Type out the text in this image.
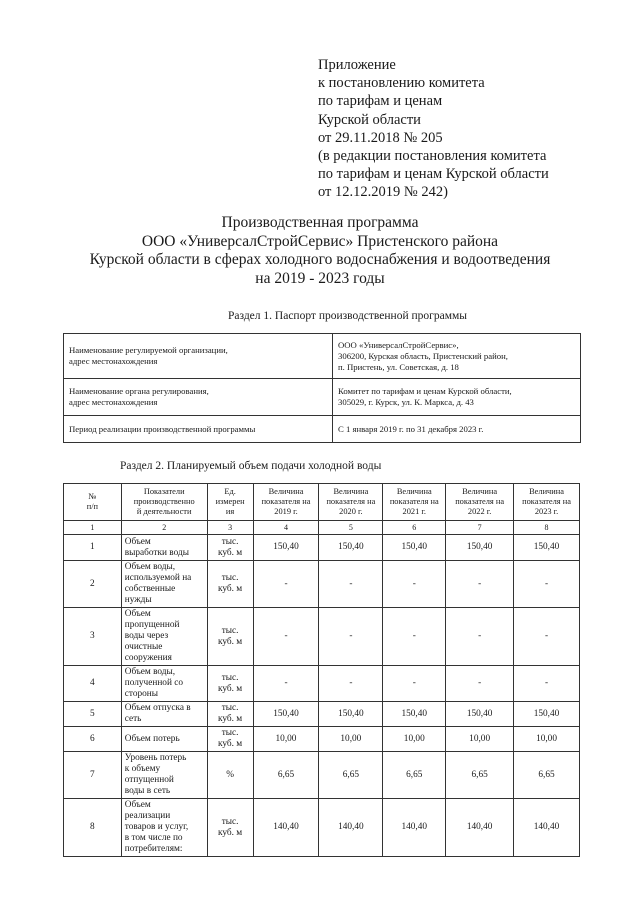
Приложение
к постановлению комитета
по тарифам и ценам
Курской области
от 29.11.2018 № 205
(в редакции постановления комитета
по тарифам и ценам Курской области
от 12.12.2019 № 242)
Производственная программа
ООО «УниверсалСтройСервис» Пристенского района
Курской области в сферах холодного водоснабжения и водоотведения
на 2019 - 2023 годы
Раздел 1. Паспорт производственной программы
Наименование регулируемой организации,
адрес местонахождения	ООО «УниверсалСтройСервис»,
306200, Курская область, Пристенский район,
п. Пристень, ул. Советская, д. 18
Наименование органа регулирования,
адрес местонахождения	Комитет по тарифам и ценам Курской области,
305029, г. Курск, ул. К. Маркса, д. 43
Период реализации производственной программы	С 1 января 2019 г. по 31 декабря 2023 г.
Раздел 2. Планируемый объем подачи холодной воды
№
п/п	Показатели
производственно
й деятельности	Ед.
измерен
ия	Величина
показателя на
2019 г.	Величина
показателя на
2020 г.	Величина
показателя на
2021 г.	Величина
показателя на
2022 г.	Величина
показателя на
2023 г.
1	2	3	4	5	6	7	8
1	Объем
выработки воды	тыс.
куб. м	150,40	150,40	150,40	150,40	150,40
2	Объем воды,
используемой на
собственные
нужды	тыс.
куб. м	-	-	-	-	-
3	Объем
пропущенной
воды через
очистные
сооружения	тыс.
куб. м	-	-	-	-	-
4	Объем воды,
полученной со
стороны	тыс.
куб. м	-	-	-	-	-
5	Объем отпуска в
сеть	тыс.
куб. м	150,40	150,40	150,40	150,40	150,40
6	Объем потерь	тыс.
куб. м	10,00	10,00	10,00	10,00	10,00
7	Уровень потерь
к объему
отпущенной
воды в сеть	%	6,65	6,65	6,65	6,65	6,65
8	Объем
реализации
товаров и услуг,
в том числе по
потребителям:	тыс.
куб. м	140,40	140,40	140,40	140,40	140,40
